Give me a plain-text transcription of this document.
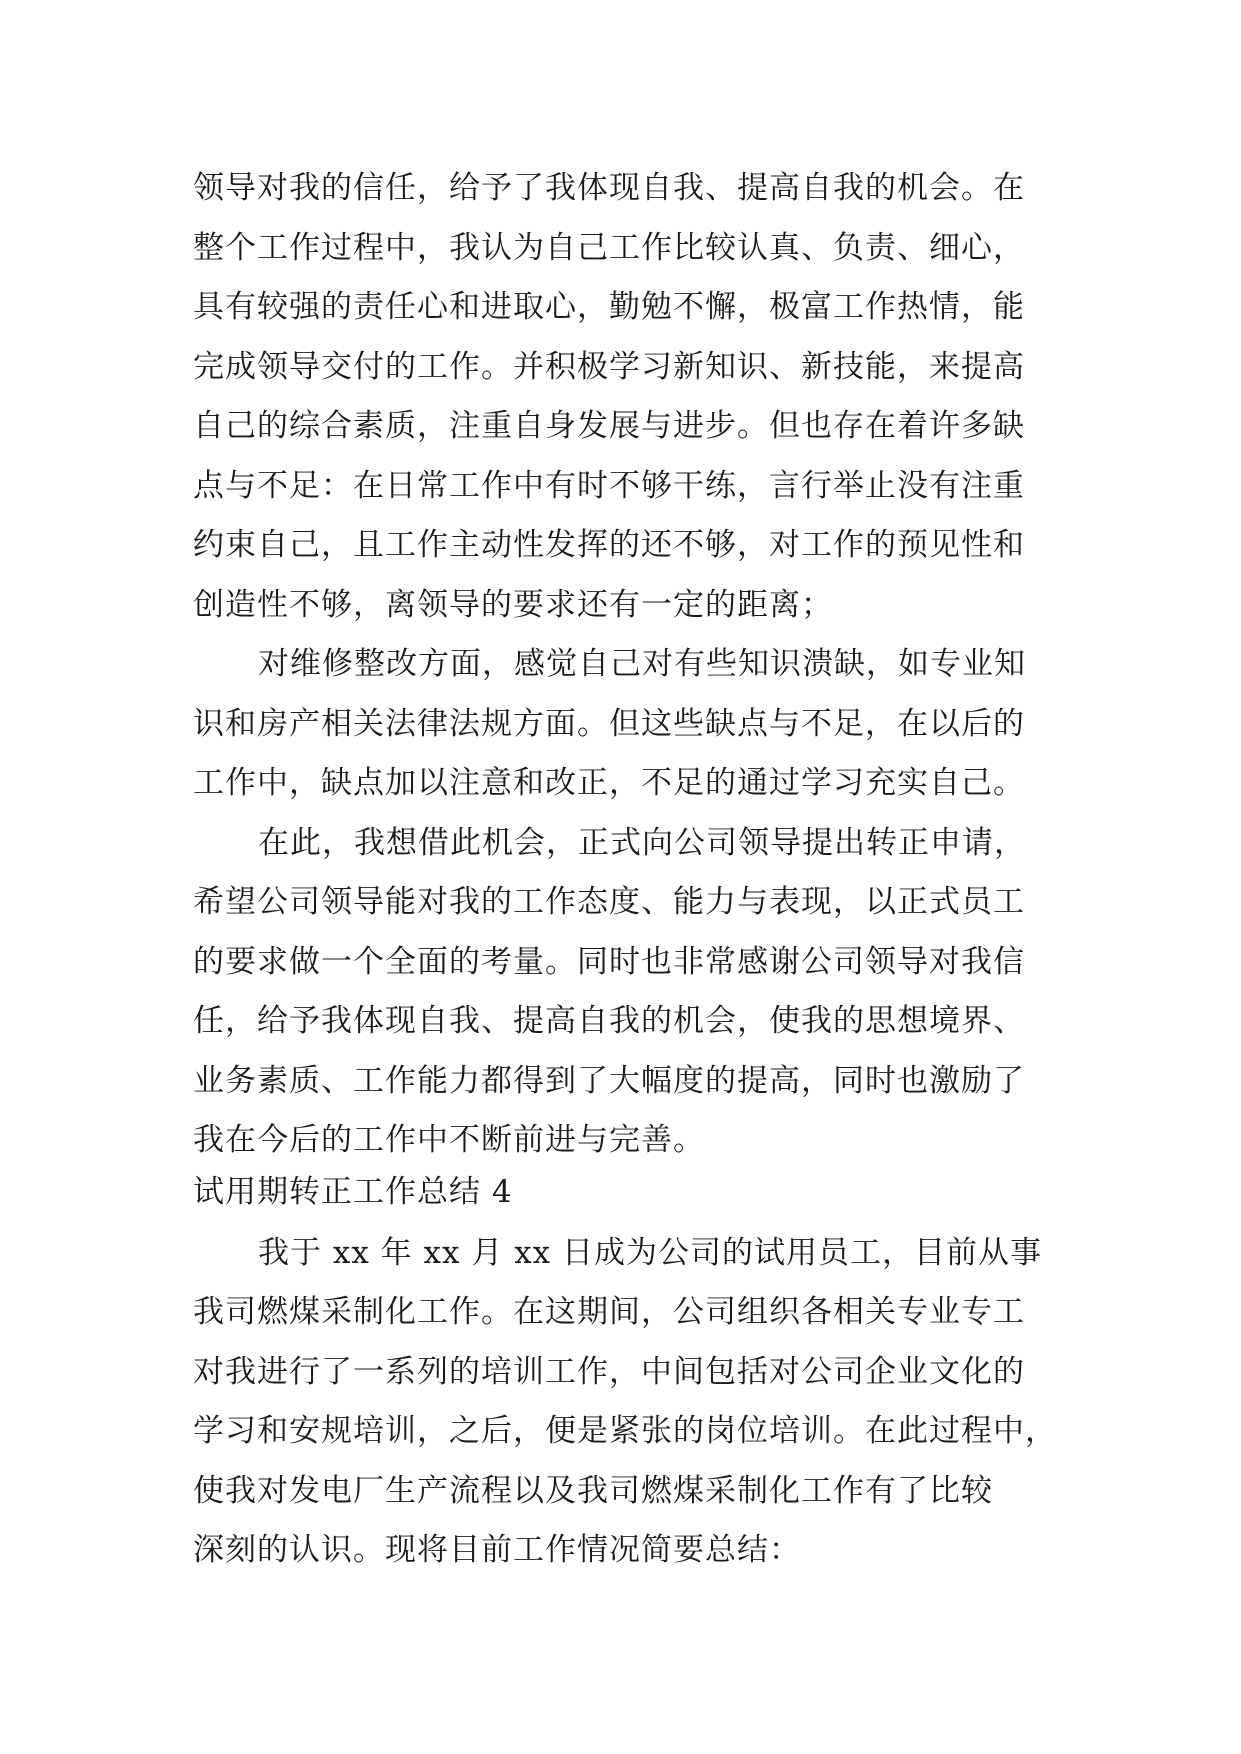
领导对我的信任，给予了我体现自我、提高自我的机会。在
整个工作过程中，我认为自己工作比较认真、负责、细心，
具有较强的责任心和进取心，勤勉不懈，极富工作热情，能
完成领导交付的工作。并积极学习新知识、新技能，来提高
自己的综合素质，注重自身发展与进步。但也存在着许多缺
点与不足：在日常工作中有时不够干练，言行举止没有注重
约束自己，且工作主动性发挥的还不够，对工作的预见性和
创造性不够，离领导的要求还有一定的距离；
对维修整改方面，感觉自己对有些知识溃缺，如专业知
识和房产相关法律法规方面。但这些缺点与不足，在以后的
工作中，缺点加以注意和改正，不足的通过学习充实自己。
在此，我想借此机会，正式向公司领导提出转正申请，
希望公司领导能对我的工作态度、能力与表现，以正式员工
的要求做一个全面的考量。同时也非常感谢公司领导对我信
任，给予我体现自我、提高自我的机会，使我的思想境界、
业务素质、工作能力都得到了大幅度的提高，同时也激励了
我在今后的工作中不断前进与完善。
试用期转正工作总结 4
我于 xx 年 xx 月 xx 日成为公司的试用员工，目前从事
我司燃煤采制化工作。在这期间，公司组织各相关专业专工
对我进行了一系列的培训工作，中间包括对公司企业文化的
学习和安规培训，之后，便是紧张的岗位培训。在此过程中，
使我对发电厂生产流程以及我司燃煤采制化工作有了比较
深刻的认识。现将目前工作情况简要总结：
